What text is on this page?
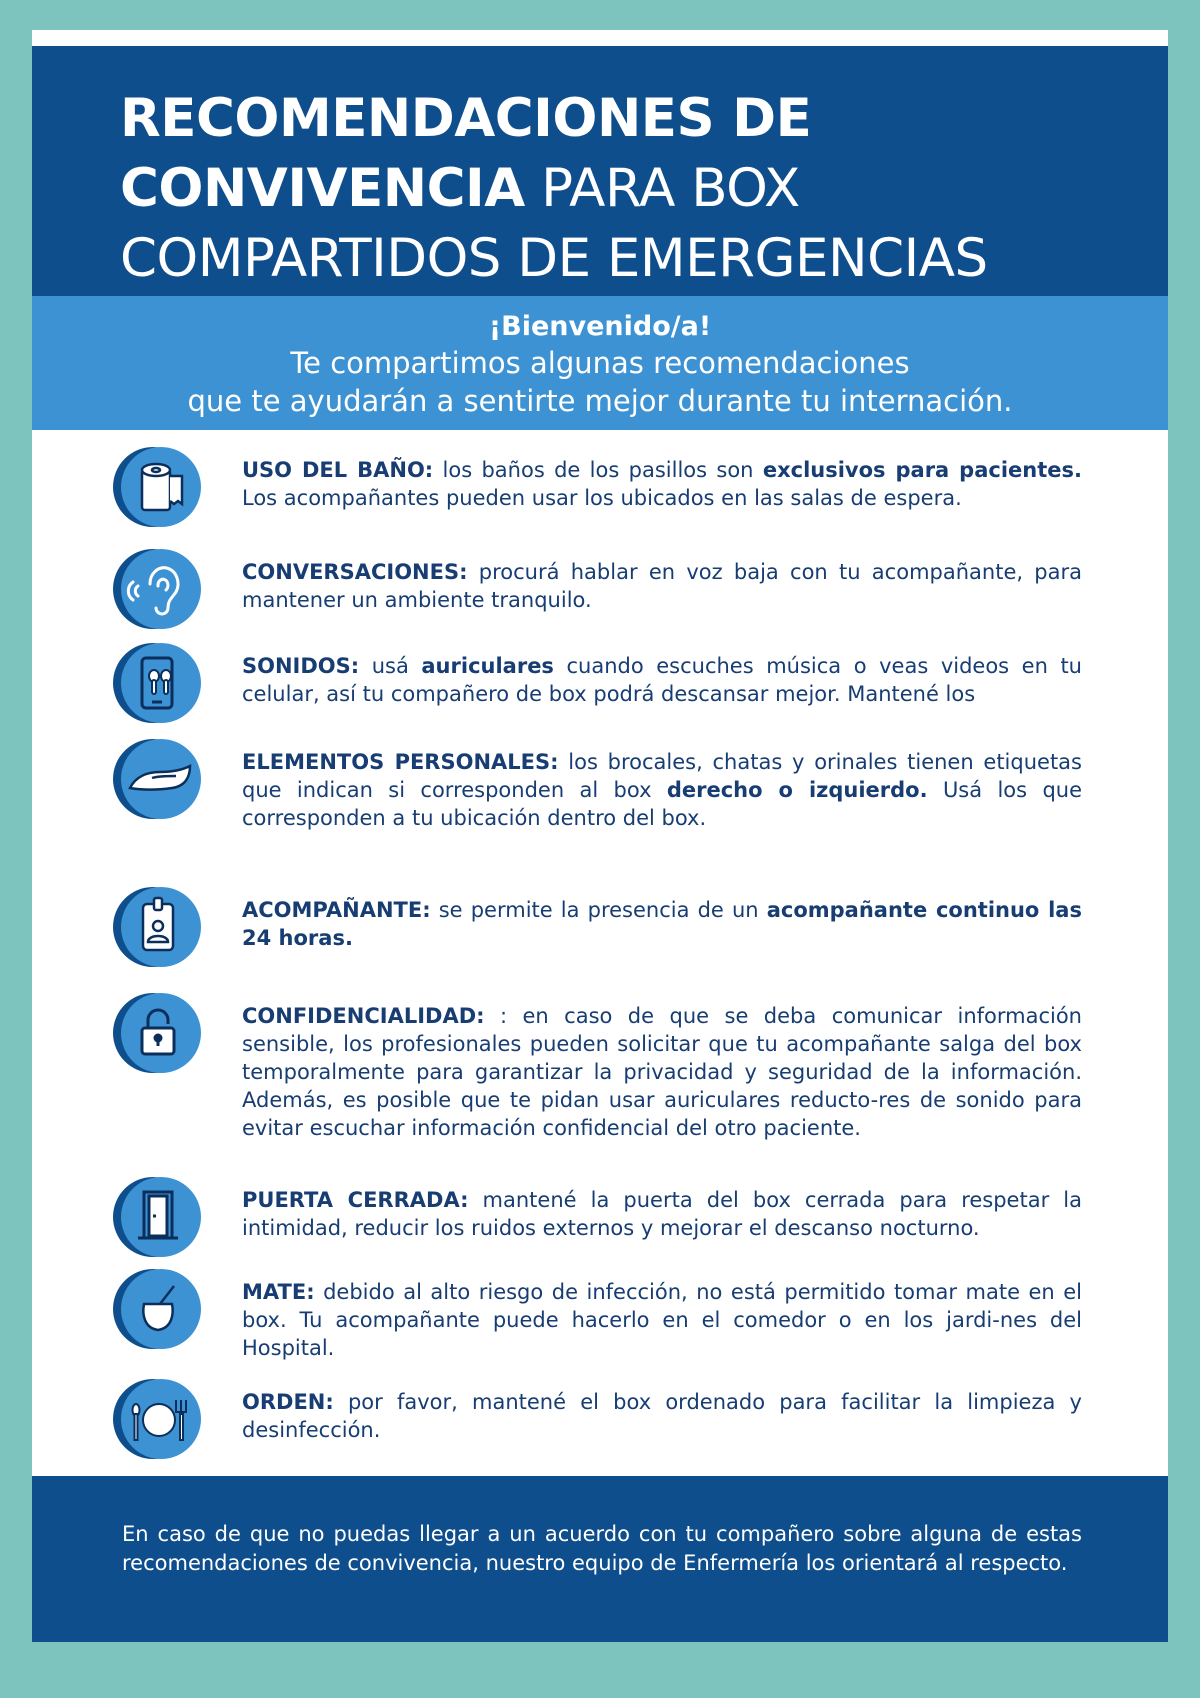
RECOMENDACIONES DE
CONVIVENCIA PARA BOX
COMPARTIDOS DE EMERGENCIAS
¡Bienvenido/a!
Te compartimos algunas recomendaciones
que te ayudarán a sentirte mejor durante tu internación.
USO DEL BAÑO: los baños de los pasillos son exclusivos para pacientes. Los acompañantes pueden usar los ubicados en las salas de espera.
CONVERSACIONES: procurá hablar en voz baja con tu acompañante, para mantener un ambiente tranquilo.
SONIDOS: usá auriculares cuando escuches música o veas videos en tu celular, así tu compañero de box podrá descansar mejor. Mantené los
ELEMENTOS PERSONALES: los brocales, chatas y orinales tienen etiquetas que indican si corresponden al box derecho o izquierdo. Usá los que corresponden a tu ubicación dentro del box.
ACOMPAÑANTE: se permite la presencia de un acompañante continuo las 24 horas.
CONFIDENCIALIDAD: : en caso de que se deba comunicar información sensible, los profesionales pueden solicitar que tu acompañante salga del box temporalmente para garantizar la privacidad y seguridad de la información. Además, es posible que te pidan usar auriculares reducto-res de sonido para evitar escuchar información confidencial del otro paciente.
PUERTA CERRADA: mantené la puerta del box cerrada para respetar la intimidad, reducir los ruidos externos y mejorar el descanso nocturno.
MATE: debido al alto riesgo de infección, no está permitido tomar mate en el box. Tu acompañante puede hacerlo en el comedor o en los jardi-nes del Hospital.
ORDEN: por favor, mantené el box ordenado para facilitar la limpieza y desinfección.

En caso de que no puedas llegar a un acuerdo con tu compañero sobre alguna de estas recomendaciones de convivencia, nuestro equipo de Enfermería los orientará al respecto.
